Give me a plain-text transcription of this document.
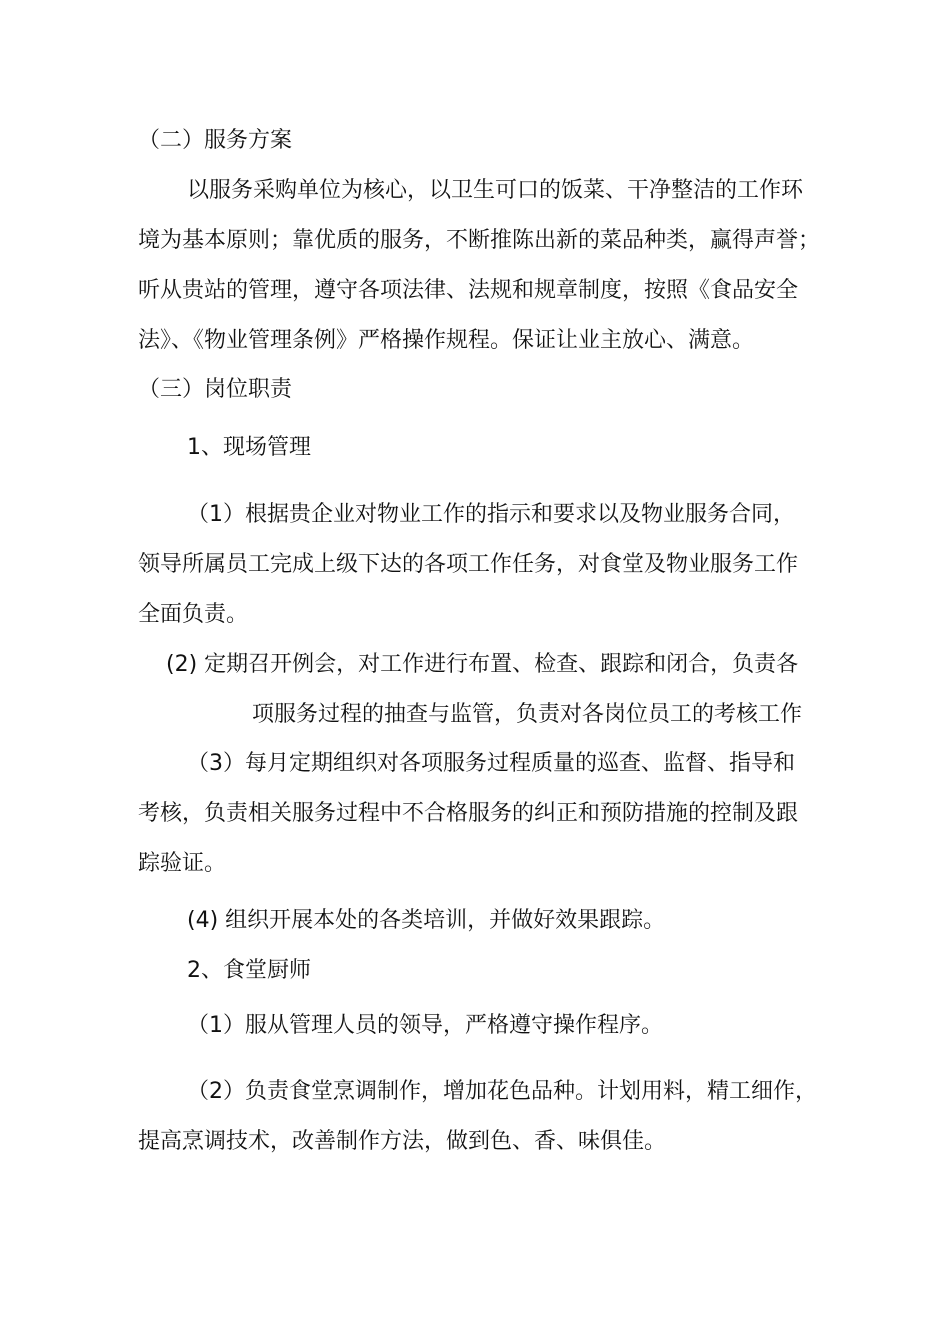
（二）服务方案

以服务采购单位为核心，以卫生可口的饭菜、干净整洁的工作环

境为基本原则；靠优质的服务，不断推陈出新的菜品种类，赢得声誉；

听从贵站的管理，遵守各项法律、法规和规章制度，按照《食品安全

法》、《物业管理条例》严格操作规程。保证让业主放心、满意。

（三）岗位职责

1、现场管理

（1）根据贵企业对物业工作的指示和要求以及物业服务合同，

领导所属员工完成上级下达的各项工作任务，对食堂及物业服务工作

全面负责。

(2) 定期召开例会，对工作进行布置、检查、跟踪和闭合，负责各

项服务过程的抽查与监管，负责对各岗位员工的考核工作

（3）每月定期组织对各项服务过程质量的巡查、监督、指导和

考核，负责相关服务过程中不合格服务的纠正和预防措施的控制及跟

踪验证。

(4) 组织开展本处的各类培训，并做好效果跟踪。

2、食堂厨师

（1）服从管理人员的领导，严格遵守操作程序。

（2）负责食堂烹调制作，增加花色品种。计划用料，精工细作，

提高烹调技术，改善制作方法，做到色、香、味俱佳。
